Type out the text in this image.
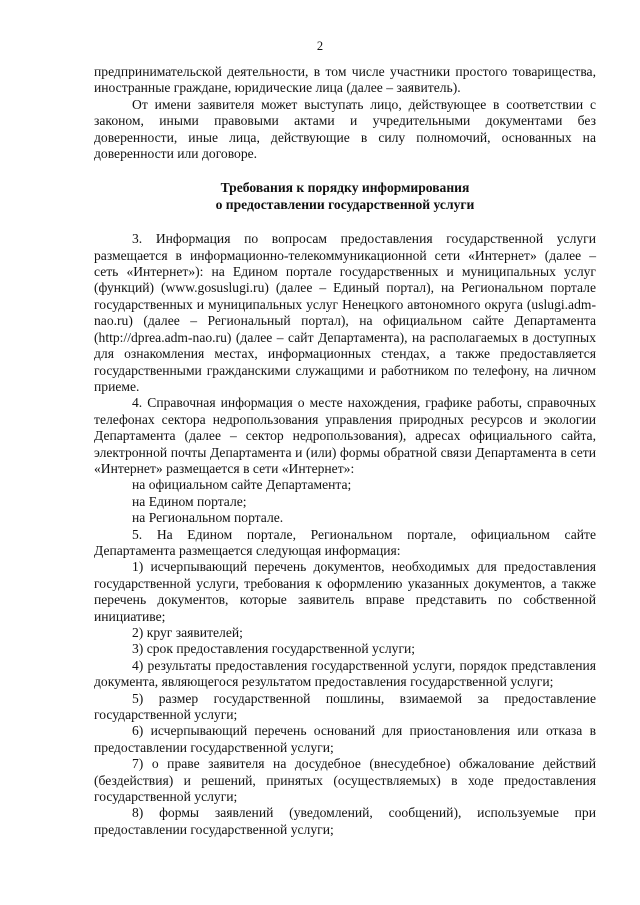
2

предпринимательской деятельности, в том числе участники простого товарищества, иностранные граждане, юридические лица (далее – заявитель).

От имени заявителя может выступать лицо, действующее в соответствии с законом, иными правовыми актами и учредительными документами без доверенности, иные лица, действующие в силу полномочий, основанных на доверенности или договоре.

Требования к порядку информирования

о предоставлении государственной услуги

3. Информация по вопросам предоставления государственной услуги размещается в информационно-телекоммуникационной сети «Интернет» (далее – сеть «Интернет»): на Едином портале государственных и муниципальных услуг (функций) (www.gosuslugi.ru) (далее – Единый портал), на Региональном портале государственных и муниципальных услуг Ненецкого автономного округа (uslugi.adm-nao.ru) (далее – Региональный портал), на официальном сайте Департамента (http://dprea.adm-nao.ru) (далее – сайт Департамента), на располагаемых в доступных для ознакомления местах, информационных стендах, а также предоставляется государственными гражданскими служащими и работником по телефону, на личном приеме.

4. Справочная информация о месте нахождения, графике работы, справочных телефонах сектора недропользования управления природных ресурсов и экологии Департамента (далее – сектор недропользования), адресах официального сайта, электронной почты Департамента и (или) формы обратной связи Департамента в сети «Интернет» размещается в сети «Интернет»:

на официальном сайте Департамента;

на Едином портале;

на Региональном портале.

5. На Едином портале, Региональном портале, официальном сайте Департамента размещается следующая информация:

1) исчерпывающий перечень документов, необходимых для предоставления государственной услуги, требования к оформлению указанных документов, а также перечень документов, которые заявитель вправе представить по собственной инициативе;

2) круг заявителей;

3) срок предоставления государственной услуги;

4) результаты предоставления государственной услуги, порядок представления документа, являющегося результатом предоставления государственной услуги;

5) размер государственной пошлины, взимаемой за предоставление государственной услуги;

6) исчерпывающий перечень оснований для приостановления или отказа в предоставлении государственной услуги;

7) о праве заявителя на досудебное (внесудебное) обжалование действий (бездействия) и решений, принятых (осуществляемых) в ходе предоставления государственной услуги;

8) формы заявлений (уведомлений, сообщений), используемые при предоставлении государственной услуги;
